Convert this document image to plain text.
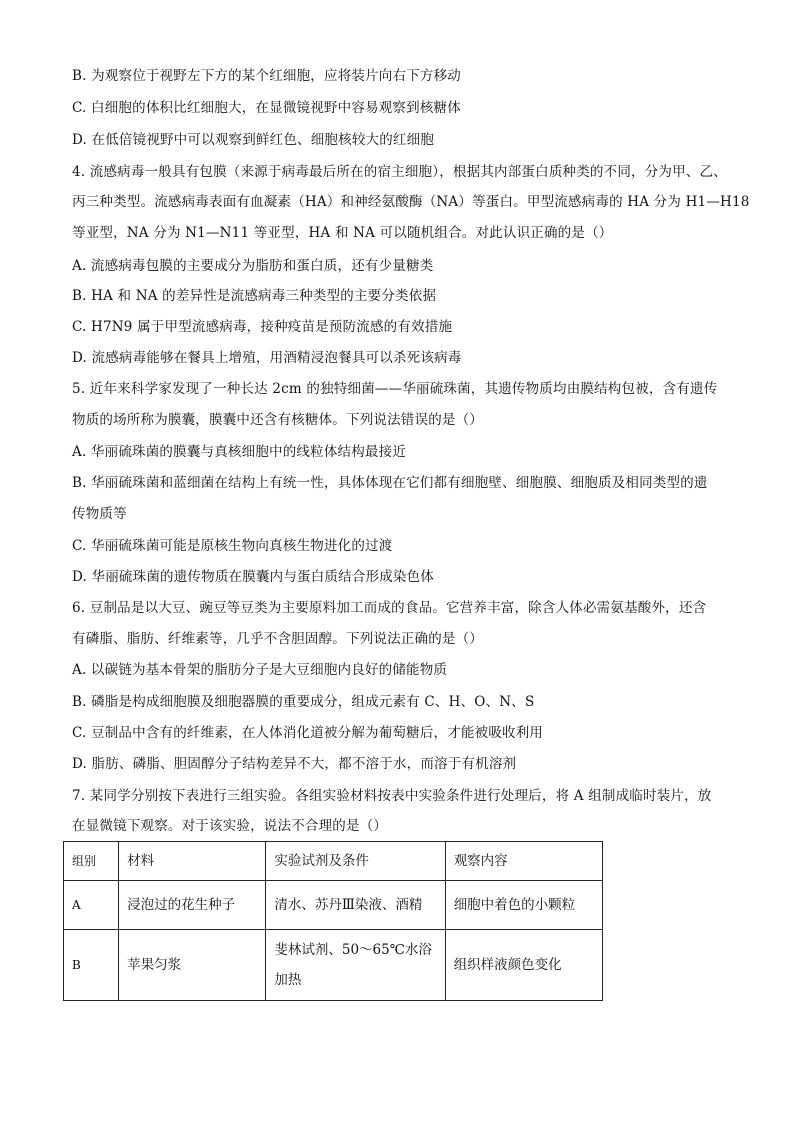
B. 为观察位于视野左下方的某个红细胞，应将装片向右下方移动
C. 白细胞的体积比红细胞大，在显微镜视野中容易观察到核糖体
D. 在低倍镜视野中可以观察到鲜红色、细胞核较大的红细胞
4. 流感病毒一般具有包膜（来源于病毒最后所在的宿主细胞），根据其内部蛋白质种类的不同，分为甲、乙、
丙三种类型。流感病毒表面有血凝素（HA）和神经氨酸酶（NA）等蛋白。甲型流感病毒的 HA 分为 H1—H18
等亚型，NA 分为 N1—N11 等亚型，HA 和 NA 可以随机组合。对此认识正确的是（）
A. 流感病毒包膜的主要成分为脂肪和蛋白质，还有少量糖类
B. HA 和 NA 的差异性是流感病毒三种类型的主要分类依据
C. H7N9 属于甲型流感病毒，接种疫苗是预防流感的有效措施
D. 流感病毒能够在餐具上增殖，用酒精浸泡餐具可以杀死该病毒
5. 近年来科学家发现了一种长达 2cm 的独特细菌——华丽硫珠菌，其遗传物质均由膜结构包被，含有遗传
物质的场所称为膜囊，膜囊中还含有核糖体。下列说法错误的是（）
A. 华丽硫珠菌的膜囊与真核细胞中的线粒体结构最接近
B. 华丽硫珠菌和蓝细菌在结构上有统一性，具体体现在它们都有细胞壁、细胞膜、细胞质及相同类型的遗
传物质等
C. 华丽硫珠菌可能是原核生物向真核生物进化的过渡
D. 华丽硫珠菌的遗传物质在膜囊内与蛋白质结合形成染色体
6. 豆制品是以大豆、豌豆等豆类为主要原料加工而成的食品。它营养丰富，除含人体必需氨基酸外，还含
有磷脂、脂肪、纤维素等，几乎不含胆固醇。下列说法正确的是（）
A. 以碳链为基本骨架的脂肪分子是大豆细胞内良好的储能物质
B. 磷脂是构成细胞膜及细胞器膜的重要成分，组成元素有 C、H、O、N、S
C. 豆制品中含有的纤维素，在人体消化道被分解为葡萄糖后，才能被吸收利用
D. 脂肪、磷脂、胆固醇分子结构差异不大，都不溶于水，而溶于有机溶剂
7. 某同学分别按下表进行三组实验。各组实验材料按表中实验条件进行处理后，将 A 组制成临时装片，放
在显微镜下观察。对于该实验，说法不合理的是（）
组别	材料	实验试剂及条件	观察内容
A	浸泡过的花生种子	清水、苏丹Ⅲ染液、酒精	细胞中着色的小颗粒
B	苹果匀浆	斐林试剂、50～65℃水浴加热	组织样液颜色变化
